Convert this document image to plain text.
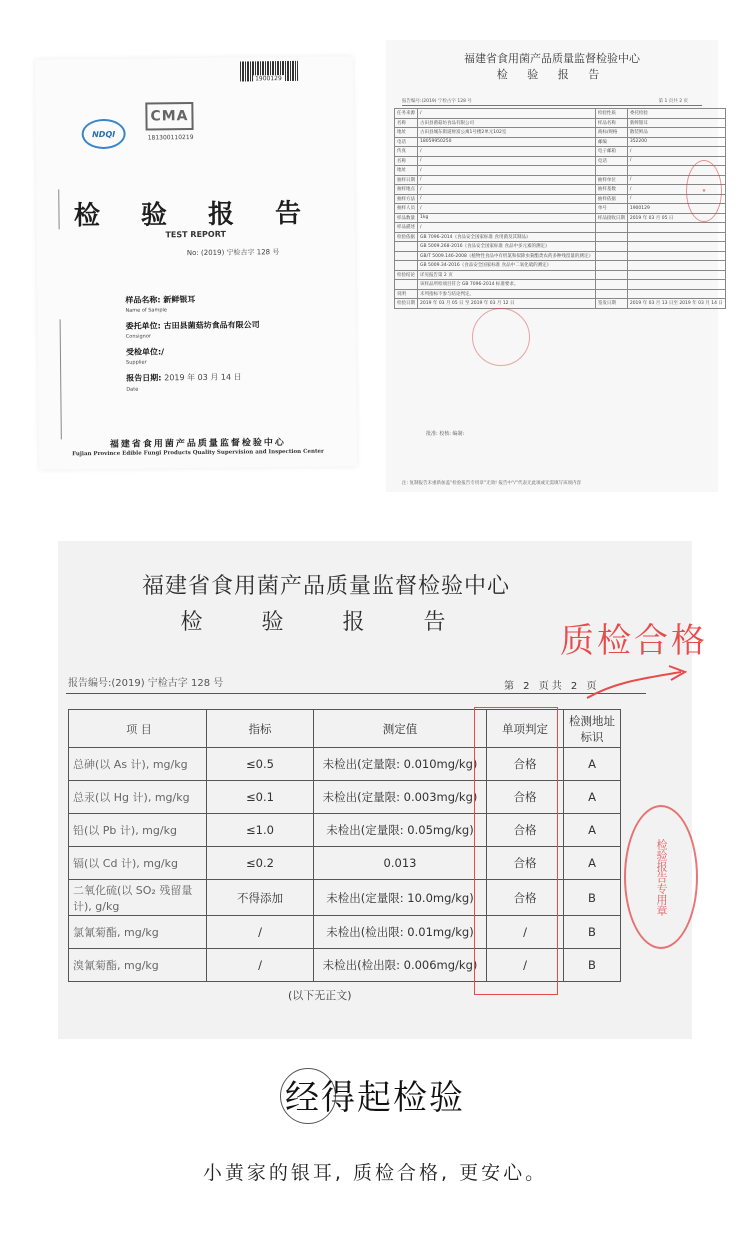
1900129
NDQI
CMA
181300110219
检 验 报 告
TEST REPORT
No: (2019) 宁检古字 128 号
样品名称: 新鲜银耳
Name of Sample
委托单位: 古田县菌菇坊食品有限公司
Consignor
受检单位:/
Supplier
报告日期: 2019 年 03 月 14 日
Date
福建省食用菌产品质量监督检验中心
Fujian Province Edible Fungi Products Quality Supervision and Inspection Center
福建省食用菌产品质量监督检验中心
检 验 报 告
报告编号:(2019) 宁检古字 128 号	第 1 页共 2 页
任务来源	/	检验性质	委托检验
名称	古田县菌菇坊食品有限公司	样品名称	新鲜银耳
地址	古田县城东街道财富公寓1号楼2单元102室	商标/规格	散装鲜品
电话	18059950250	邮编	352200
传真	/	电子邮箱	/
名称	/	电话	/
地址	/		
抽样日期	/	抽样单位	/
抽样地点	/	抽样基数	/
抽样方法	/	抽样依据	/
抽样人员	/	单号	1900129
样品数量	1kg	样品接收日期	2019 年 03 月 05 日
样品描述	/		
检验依据	GB 7096-2014《食品安全国家标准 食用菌及其制品》		
	GB 5009.268-2016《食品安全国家标准 食品中多元素的测定》		
	GB/T 5009.146-2008《植物性食品中有机氯和拟除虫菊酯类农药多种残留量的测定》		
	GB 5009.34-2016《食品安全国家标准 食品中二氧化硫的测定》		
检验结论	详见报告第 2 页		
	该样品所检项目符合 GB 7096-2014 标准要求。		
说明	未列指标不参与结论判定。		
检验日期	2019 年 03 月 05 日 至 2019 年 03 月 12 日	签发日期	2019 年 03 月 13 日至 2019 年 03 月 14 日
★
批准: 校核: 编制:
注: 复制报告未重新加盖“检验报告专用章”无效! 报告中“/”代表无此项或无需填写该项内容
福建省食用菌产品质量监督检验中心
检 验 报 告
报告编号:(2019) 宁检古字 128 号	第 2 页共 2 页
项 目	指标	测定值	单项判定	检测地址标识
总砷(以 As 计), mg/kg	≤0.5	未检出(定量限: 0.010mg/kg)	合格	A
总汞(以 Hg 计), mg/kg	≤0.1	未检出(定量限: 0.003mg/kg)	合格	A
铅(以 Pb 计), mg/kg	≤1.0	未检出(定量限: 0.05mg/kg)	合格	A
镉(以 Cd 计), mg/kg	≤0.2	0.013	合格	A
二氧化硫(以 SO₂ 残留量计), g/kg	不得添加	未检出(定量限: 10.0mg/kg)	合格	B
氯氰菊酯, mg/kg	/	未检出(检出限: 0.01mg/kg)	/	B
溴氰菊酯, mg/kg	/	未检出(检出限: 0.006mg/kg)	/	B
(以下无正文)
质检合格
检验报告专用章
经得起检验
小黄家的银耳, 质检合格, 更安心。
